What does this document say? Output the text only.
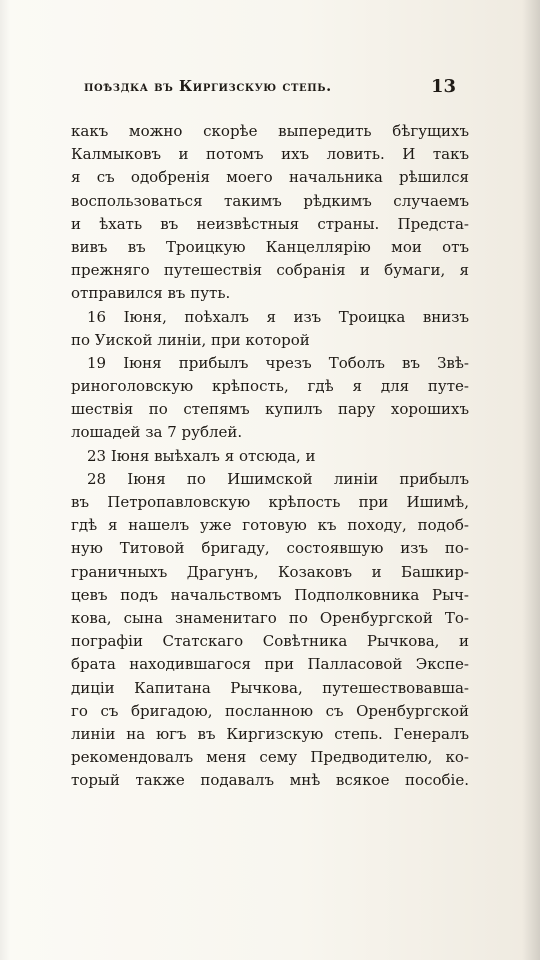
поѣздка въ Киргизскую степь.	13
какъ можно скорѣе выпередить бѣгущихъ
Калмыковъ и потомъ ихъ ловить. И такъ
я съ одобренія моего начальника рѣшился
воспользоваться такимъ рѣдкимъ случаемъ
и ѣхать въ неизвѣстныя страны. Предста-
вивъ въ Троицкую Канцеллярію мои отъ
прежняго путешествія собранія и бумаги, я
отправился въ путь.
16 Іюня, поѣхалъ я изъ Троицка внизъ
по Уиской линіи, при которой
19 Іюня прибылъ чрезъ Тоболъ въ Звѣ-
риноголовскую крѣпость, гдѣ я для путе-
шествія по степямъ купилъ пару хорошихъ
лошадей за 7 рублей.
23 Іюня выѣхалъ я отсюда, и
28 Іюня по Ишимской линіи прибылъ
въ Петропавловскую крѣпость при Ишимѣ,
гдѣ я нашелъ уже готовую къ походу, подоб-
ную Титовой бригаду, состоявшую изъ по-
граничныхъ Драгунъ, Козаковъ и Башкир-
цевъ подъ начальствомъ Подполковника Рыч-
кова, сына знаменитаго по Оренбургской То-
пографіи Статскаго Совѣтника Рычкова, и
брата находившагося при Палласовой Экспе-
диціи Капитана Рычкова, путешествовавша-
го съ бригадою, посланною съ Оренбургской
линіи на югъ въ Киргизскую степь. Генералъ
рекомендовалъ меня сему Предводителю, ко-
торый также подавалъ мнѣ всякое пособіе.
